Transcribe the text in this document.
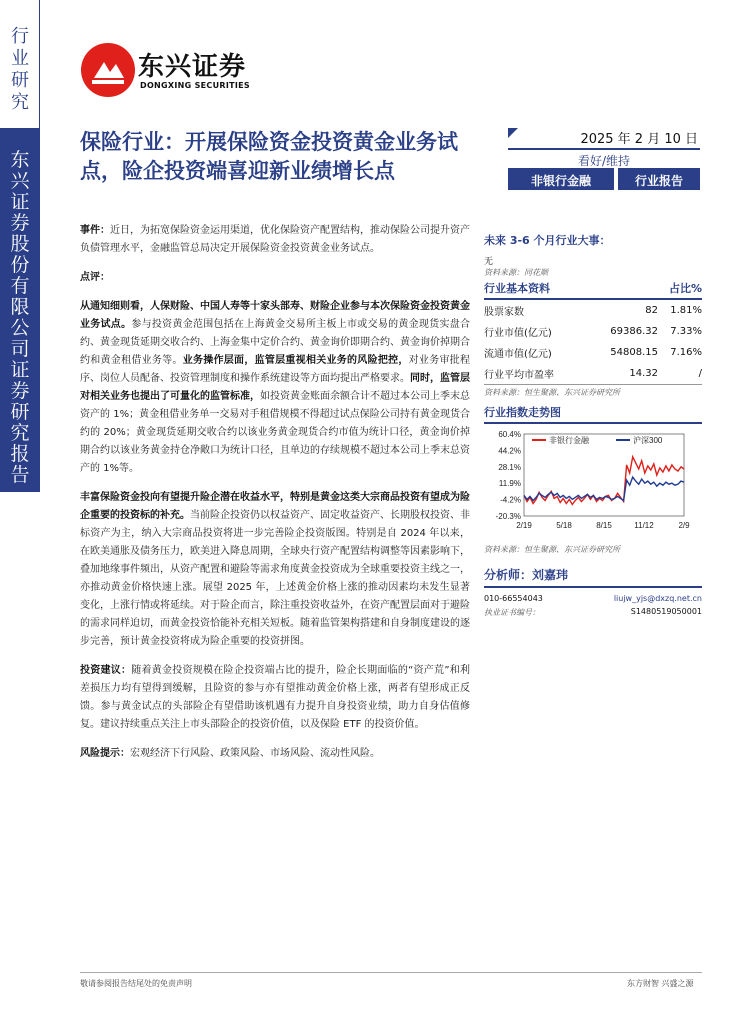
行业研究
东兴证券股份有限公司证券研究报告
东兴证券
DONGXING SECURITIES
保险行业：开展保险资金投资黄金业务试点，险企投资端喜迎新业绩增长点
2025 年 2 月 10 日
看好/维持
非银行金融	行业报告

事件：近日，为拓宽保险资金运用渠道，优化保险资产配置结构，推动保险公司提升资产负债管理水平，金融监管总局决定开展保险资金投资黄金业务试点。

点评：

从通知细则看，人保财险、中国人寿等十家头部寿、财险企业参与本次保险资金投资黄金业务试点。参与投资黄金范围包括在上海黄金交易所主板上市或交易的黄金现货实盘合约、黄金现货延期交收合约、上海金集中定价合约、黄金询价即期合约、黄金询价掉期合约和黄金租借业务等。业务操作层面，监管层重视相关业务的风险把控，对业务审批程序、岗位人员配备、投资管理制度和操作系统建设等方面均提出严格要求。同时，监管层对相关业务也提出了可量化的监管标准，如投资黄金账面余额合计不超过本公司上季末总资产的 1%；黄金租借业务单一交易对手租借规模不得超过试点保险公司持有黄金现货合约的 20%；黄金现货延期交收合约以该业务黄金现货合约市值为统计口径，黄金询价掉期合约以该业务黄金持仓净敞口为统计口径，且单边的存续规模不超过本公司上季末总资产的 1%等。

丰富保险资金投向有望提升险企潜在收益水平，特别是黄金这类大宗商品投资有望成为险企重要的投资标的补充。当前险企投资仍以权益资产、固定收益资产、长期股权投资、非标资产为主，纳入大宗商品投资将进一步完善险企投资版图。特别是自 2024 年以来，在欧美通胀及债务压力，欧美进入降息周期，全球央行资产配置结构调整等因素影响下，叠加地缘事件频出，从资产配置和避险等需求角度黄金投资成为全球重要投资主线之一，亦推动黄金价格快速上涨。展望 2025 年，上述黄金价格上涨的推动因素均未发生显著变化，上涨行情或将延续。对于险企而言，除注重投资收益外，在资产配置层面对于避险的需求同样迫切，而黄金投资恰能补充相关短板。随着监管架构搭建和自身制度建设的逐步完善，预计黄金投资将成为险企重要的投资拼图。

投资建议：随着黄金投资规模在险企投资端占比的提升，险企长期面临的“资产荒”和利差损压力均有望得到缓解，且险资的参与亦有望推动黄金价格上涨，两者有望形成正反馈。参与黄金试点的头部险企有望借助该机遇有力提升自身投资业绩，助力自身估值修复。建议持续重点关注上市头部险企的投资价值，以及保险 ETF 的投资价值。

风险提示：宏观经济下行风险、政策风险、市场风险、流动性风险。

未来 3-6 个月行业大事：
无
资料来源：同花顺
行业基本资料	占比%
股票家数	82	1.81%
行业市值(亿元)	69386.32	7.33%
流通市值(亿元)	54808.15	7.16%
行业平均市盈率	14.32	/
资料来源：恒生聚源、东兴证券研究所
行业指数走势图
60.4%
44.2%
28.1%
11.9%
-4.2%
-20.3%
2/19	5/18	8/15	11/12	2/9
非银行金融	沪深300
资料来源：恒生聚源、东兴证券研究所
分析师：刘嘉玮
010-66554043	liujw_yjs@dxzq.net.cn
执业证书编号：	S1480519050001
敬请参阅报告结尾处的免责声明	东方财智 兴盛之源
